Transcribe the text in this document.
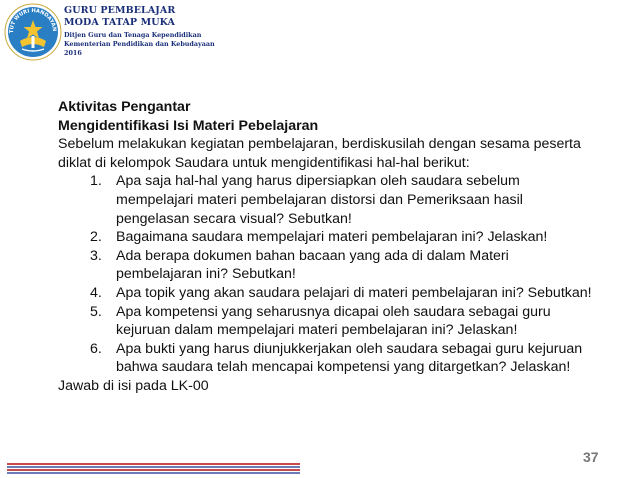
TUT WURI HANDAYAN
GURU PEMBELAJAR
MODA TATAP MUKA
Ditjen Guru dan Tenaga Kependidikan
Kementerian Pendidikan dan Kebudayaan
2016
Aktivitas Pengantar
Mengidentifikasi Isi Materi Pebelajaran
Sebelum melakukan kegiatan pembelajaran, berdiskusilah dengan sesama peserta diklat di kelompok Saudara untuk mengidentifikasi hal-hal berikut:
1. Apa saja hal-hal yang harus dipersiapkan oleh saudara sebelum mempelajari materi pembelajaran distorsi dan Pemeriksaan hasil pengelasan secara visual? Sebutkan!
2. Bagaimana saudara mempelajari materi pembelajaran ini? Jelaskan!
3. Ada berapa dokumen bahan bacaan yang ada di dalam Materi pembelajaran ini? Sebutkan!
4. Apa topik yang akan saudara pelajari di materi pembelajaran ini? Sebutkan!
5. Apa kompetensi yang seharusnya dicapai oleh saudara sebagai guru kejuruan dalam mempelajari materi pembelajaran ini? Jelaskan!
6. Apa bukti yang harus diunjukkerjakan oleh saudara sebagai guru kejuruan bahwa saudara telah mencapai kompetensi yang ditargetkan? Jelaskan!
Jawab di isi pada LK-00
37
